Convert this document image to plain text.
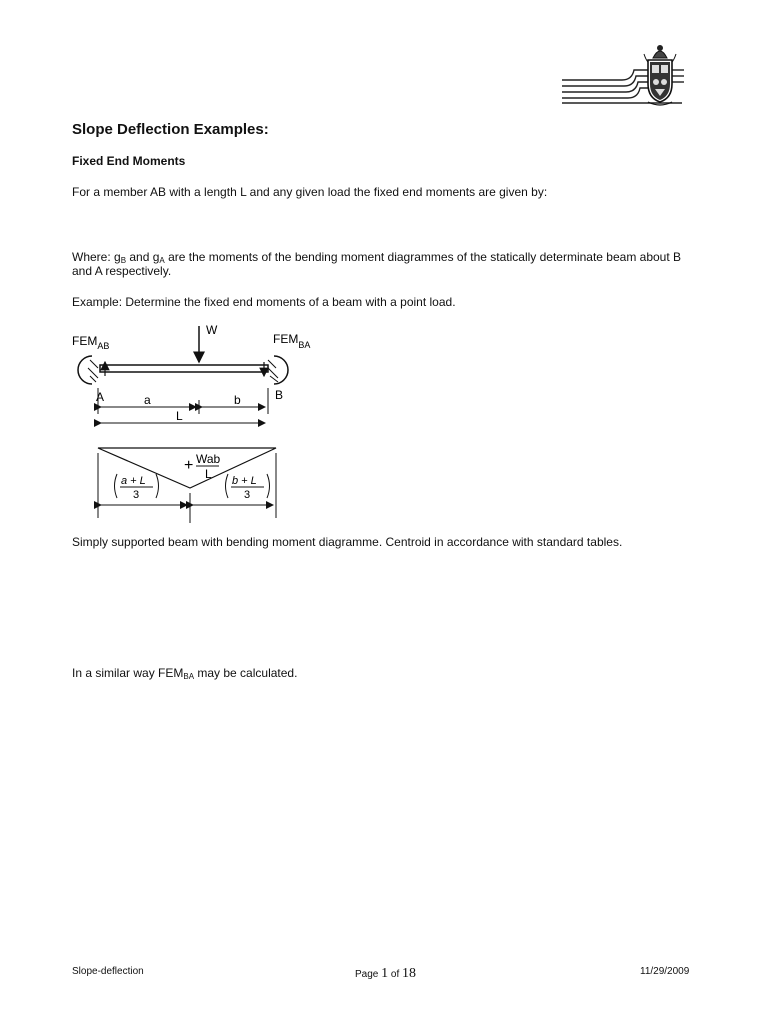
Slope Deflection Examples:
Fixed End Moments
For a member AB with a length L and any given load the fixed end moments are given by:
Where: $g_B$ and $g_A$ are the moments of the bending moment diagrammes of the statically determinate beam about B and A respectively.
Example: Determine the fixed end moments of a beam with a point load.
W
$FEM_{AB}$	$FEM_{BA}$
A	B
a	b
L
+ Wab
L
a + L
3
b + L
3
Simply supported beam with bending moment diagramme. Centroid in accordance with standard tables.
In a similar way $FEM_{BA}$ may be calculated.
Slope-deflection	Page 1 of 18	11/29/2009
